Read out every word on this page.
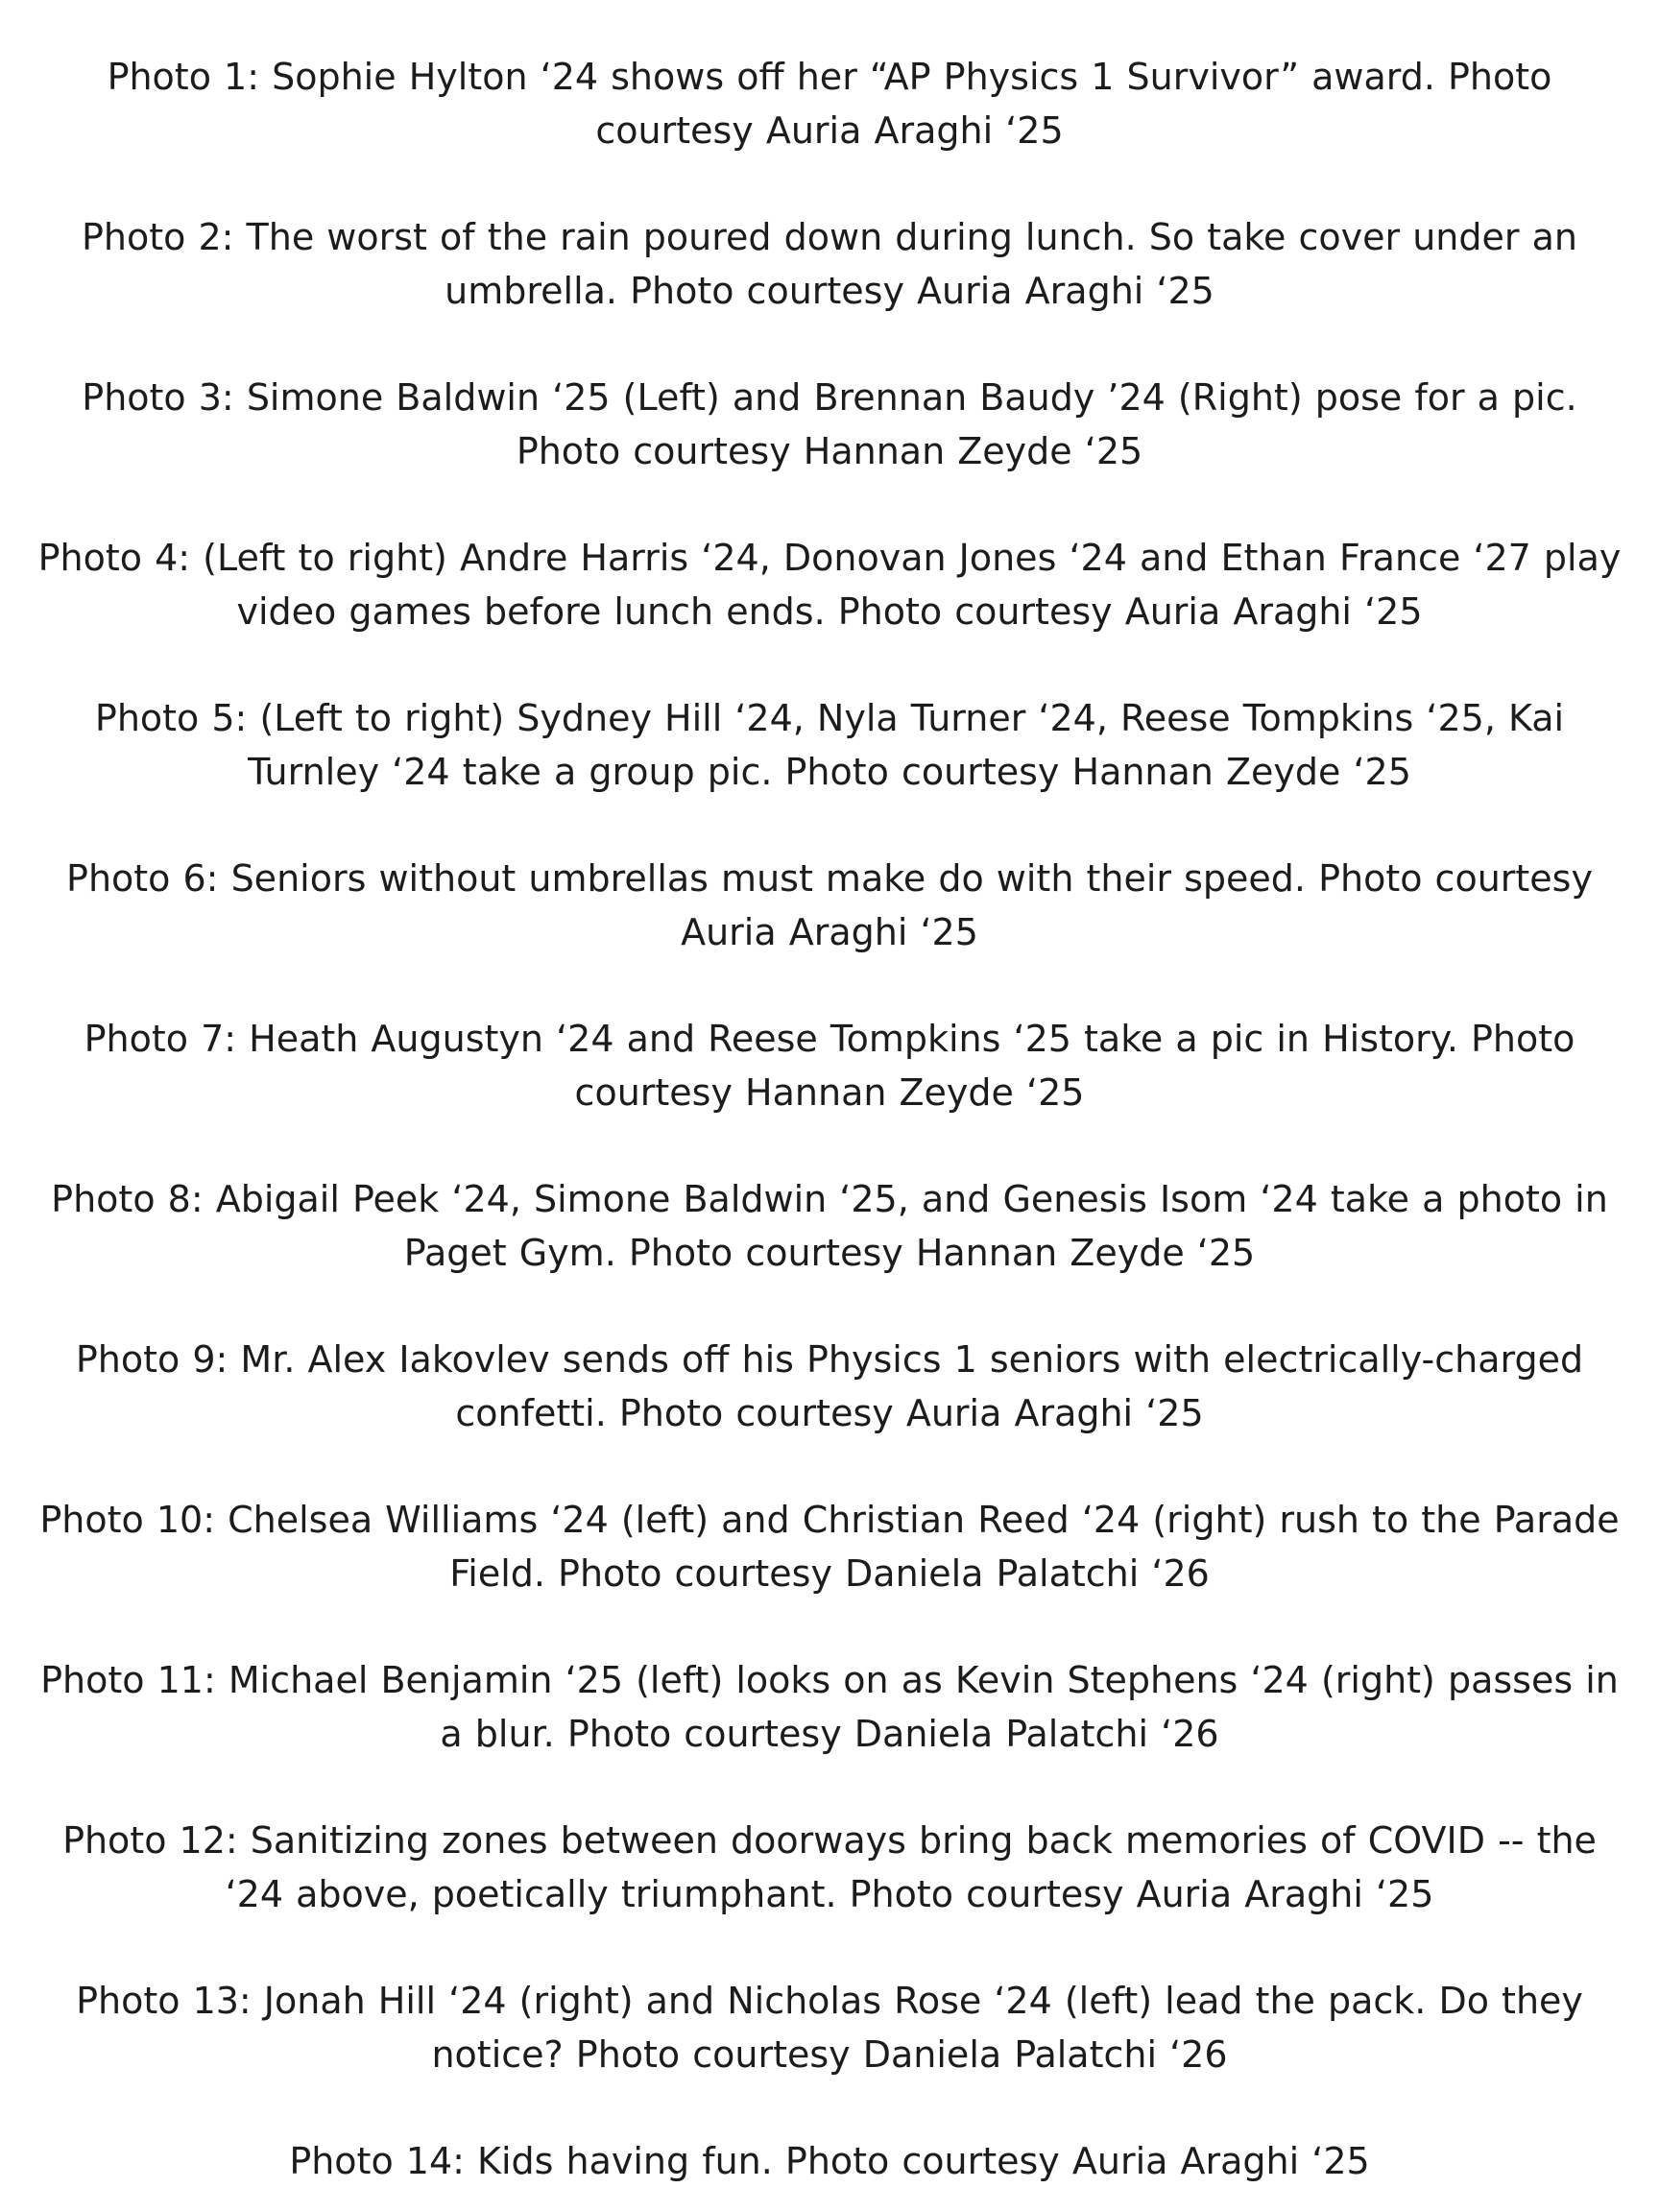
Photo 1: Sophie Hylton ‘24 shows off her “AP Physics 1 Survivor” award. Photo courtesy Auria Araghi ‘25

Photo 2: The worst of the rain poured down during lunch. So take cover under an umbrella. Photo courtesy Auria Araghi ‘25

Photo 3: Simone Baldwin ‘25 (Left) and Brennan Baudy ’24 (Right) pose for a pic. Photo courtesy Hannan Zeyde ‘25

Photo 4: (Left to right) Andre Harris ‘24, Donovan Jones ‘24 and Ethan France ‘27 play video games before lunch ends. Photo courtesy Auria Araghi ‘25

Photo 5: (Left to right) Sydney Hill ‘24, Nyla Turner ‘24, Reese Tompkins ‘25, Kai Turnley ‘24 take a group pic. Photo courtesy Hannan Zeyde ‘25

Photo 6: Seniors without umbrellas must make do with their speed. Photo courtesy Auria Araghi ‘25

Photo 7: Heath Augustyn ‘24 and Reese Tompkins ‘25 take a pic in History. Photo courtesy Hannan Zeyde ‘25

Photo 8: Abigail Peek ‘24, Simone Baldwin ‘25, and Genesis Isom ‘24 take a photo in Paget Gym. Photo courtesy Hannan Zeyde ‘25

Photo 9: Mr. Alex Iakovlev sends off his Physics 1 seniors with electrically-charged confetti. Photo courtesy Auria Araghi ‘25

Photo 10: Chelsea Williams ‘24 (left) and Christian Reed ‘24 (right) rush to the Parade Field. Photo courtesy Daniela Palatchi ‘26

Photo 11: Michael Benjamin ‘25 (left) looks on as Kevin Stephens ‘24 (right) passes in a blur. Photo courtesy Daniela Palatchi ‘26

Photo 12: Sanitizing zones between doorways bring back memories of COVID -- the ‘24 above, poetically triumphant. Photo courtesy Auria Araghi ‘25

Photo 13: Jonah Hill ‘24 (right) and Nicholas Rose ‘24 (left) lead the pack. Do they notice? Photo courtesy Daniela Palatchi ‘26

Photo 14: Kids having fun. Photo courtesy Auria Araghi ‘25
